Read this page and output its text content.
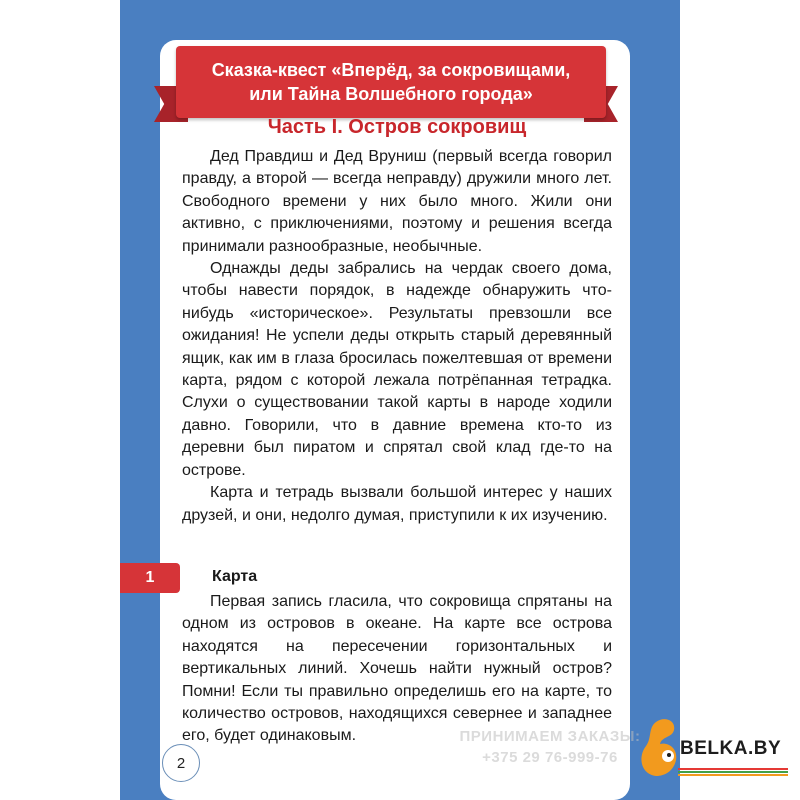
Сказка-квест «Вперёд, за сокровищами,
или Тайна Волшебного города»
Часть I. Остров сокровищ

Дед Правдиш и Дед Вруниш (первый всегда говорил правду, а второй — всегда неправду) дружили много лет. Свободного времени у них было много. Жили они активно, с приключениями, поэтому и решения всегда принимали разнообразные, необычные.

Однажды деды забрались на чердак своего дома, чтобы навести порядок, в надежде обнаружить что-нибудь «историческое». Результаты превзошли все ожидания! Не успели деды открыть старый деревянный ящик, как им в глаза бросилась пожелтевшая от времени карта, рядом с которой лежала потрёпанная тетрадка. Слухи о существовании такой карты в народе ходили давно. Говорили, что в давние времена кто-то из деревни был пиратом и спрятал свой клад где-то на острове.

Карта и тетрадь вызвали большой интерес у наших друзей, и они, недолго думая, приступили к их изучению.

1	Карта

Первая запись гласила, что сокровища спрятаны на одном из островов в океане. На карте все острова находятся на пересечении горизонтальных и вертикальных линий. Хочешь найти нужный остров? Помни! Если ты правильно определишь его на карте, то количество островов, находящихся севернее и западнее его, будет одинаковым.

2
ПРИНИМАЕМ ЗАКАЗЫ:
+375 29 76-999-76	BELKA.BY
